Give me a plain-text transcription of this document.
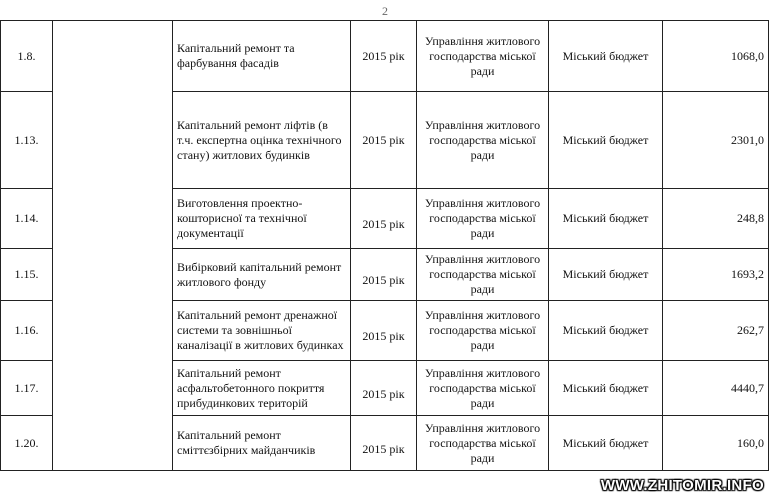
2
1.8.		Капітальний ремонт та фарбування фасадів	2015 рік	Управління житлового господарства міської ради	Міський бюджет	1068,0
1.13.		Капітальний ремонт ліфтів (в т.ч. експертна оцінка технічного стану) житлових будинків	2015 рік	Управління житлового господарства міської ради	Міський бюджет	2301,0
1.14.		Виготовлення проектно-кошторисної та технічної документації	2015 рік	Управління житлового господарства міської ради	Міський бюджет	248,8
1.15.		Вибірковий капітальний ремонт житлового фонду	2015 рік	Управління житлового господарства міської ради	Міський бюджет	1693,2
1.16.		Капітальний ремонт дренажної системи та зовнішньої каналізації в житлових будинках	2015 рік	Управління житлового господарства міської ради	Міський бюджет	262,7
1.17.		Капітальний ремонт асфальтобетонного покриття прибудинкових територій	2015 рік	Управління житлового господарства міської ради	Міський бюджет	4440,7
1.20.		Капітальний ремонт сміттєзбірних майданчиків	2015 рік	Управління житлового господарства міської ради	Міський бюджет	160,0
WWW.ZHITOMIR.INFO
